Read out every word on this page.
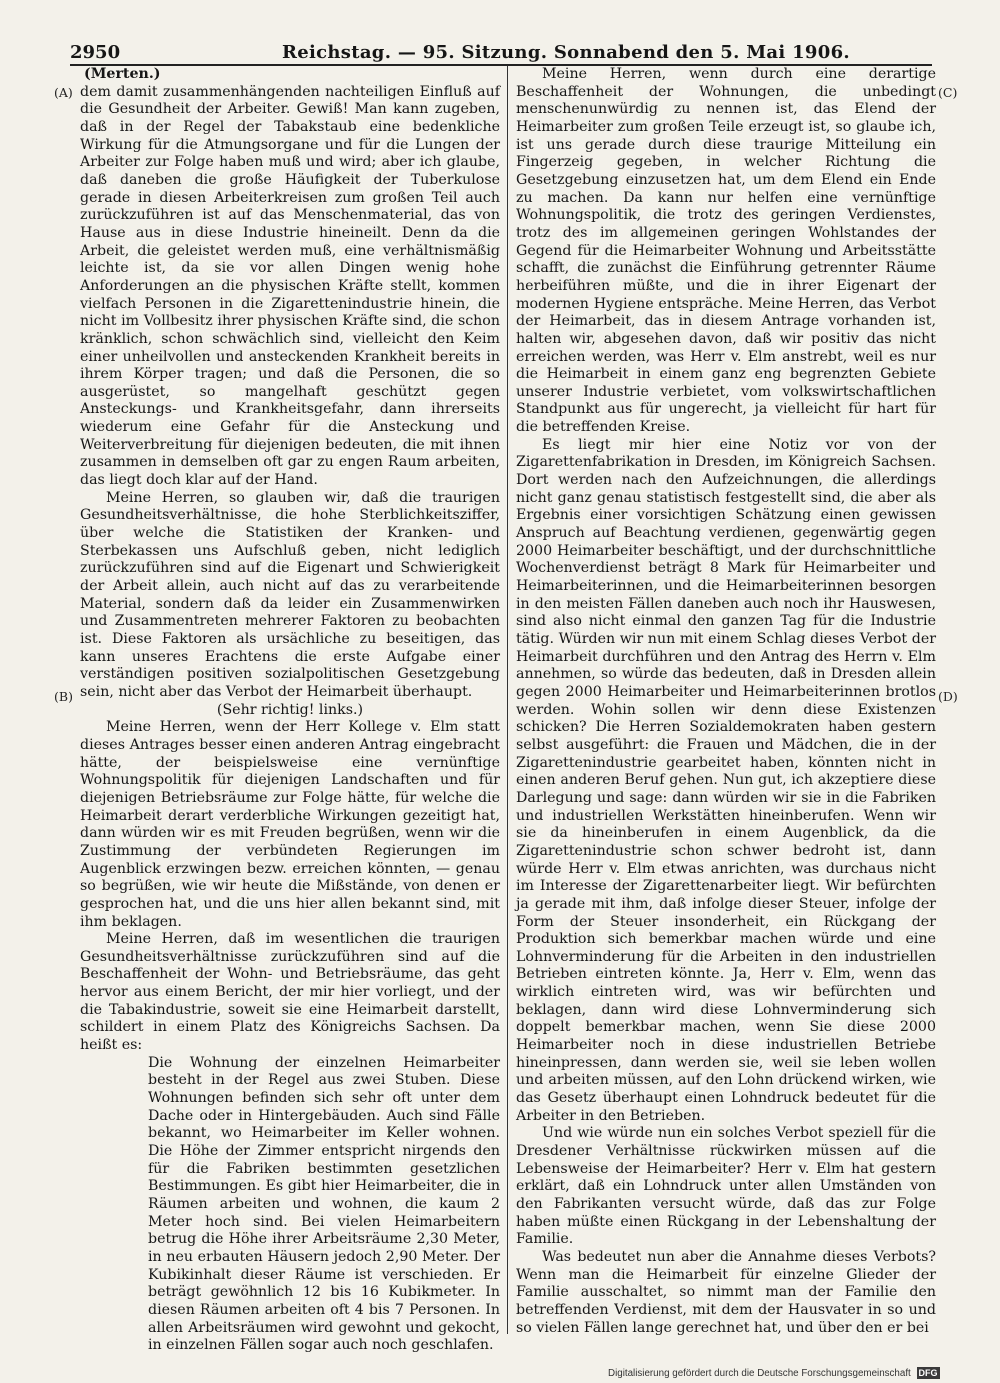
2950	Reichstag. — 95. Sitzung. Sonnabend den 5. Mai 1906.
(A)
(B)
(C)
(D)

(Merten.)

dem damit zusammenhängenden nachteiligen Einfluß auf die Gesundheit der Arbeiter. Gewiß! Man kann zugeben, daß in der Regel der Tabakstaub eine bedenkliche Wirkung für die Atmungsorgane und für die Lungen der Arbeiter zur Folge haben muß und wird; aber ich glaube, daß daneben die große Häufigkeit der Tuberkulose gerade in diesen Arbeiterkreisen zum großen Teil auch zurückzuführen ist auf das Menschenmaterial, das von Hause aus in diese Industrie hineineilt. Denn da die Arbeit, die geleistet werden muß, eine verhältnismäßig leichte ist, da sie vor allen Dingen wenig hohe Anforderungen an die physischen Kräfte stellt, kommen vielfach Personen in die Zigarettenindustrie hinein, die nicht im Vollbesitz ihrer physischen Kräfte sind, die schon kränklich, schon schwächlich sind, vielleicht den Keim einer unheilvollen und ansteckenden Krankheit bereits in ihrem Körper tragen; und daß die Personen, die so ausgerüstet, so mangelhaft geschützt gegen Ansteckungs- und Krankheitsgefahr, dann ihrerseits wiederum eine Gefahr für die Ansteckung und Weiterverbreitung für diejenigen bedeuten, die mit ihnen zusammen in demselben oft gar zu engen Raum arbeiten, das liegt doch klar auf der Hand.

Meine Herren, so glauben wir, daß die traurigen Gesundheitsverhältnisse, die hohe Sterblichkeitsziffer, über welche die Statistiken der Kranken- und Sterbekassen uns Aufschluß geben, nicht lediglich zurückzuführen sind auf die Eigenart und Schwierigkeit der Arbeit allein, auch nicht auf das zu verarbeitende Material, sondern daß da leider ein Zusammenwirken und Zusammentreten mehrerer Faktoren zu beobachten ist. Diese Faktoren als ursächliche zu beseitigen, das kann unseres Erachtens die erste Aufgabe einer verständigen positiven sozialpolitischen Gesetzgebung sein, nicht aber das Verbot der Heimarbeit überhaupt.

(Sehr richtig! links.)

Meine Herren, wenn der Herr Kollege v. Elm statt dieses Antrages besser einen anderen Antrag eingebracht hätte, der beispielsweise eine vernünftige Wohnungspolitik für diejenigen Landschaften und für diejenigen Betriebsräume zur Folge hätte, für welche die Heimarbeit derart verderbliche Wirkungen gezeitigt hat, dann würden wir es mit Freuden begrüßen, wenn wir die Zustimmung der verbündeten Regierungen im Augenblick erzwingen bezw. erreichen könnten, — genau so begrüßen, wie wir heute die Mißstände, von denen er gesprochen hat, und die uns hier allen bekannt sind, mit ihm beklagen.

Meine Herren, daß im wesentlichen die traurigen Gesundheitsverhältnisse zurückzuführen sind auf die Beschaffenheit der Wohn- und Betriebsräume, das geht hervor aus einem Bericht, der mir hier vorliegt, und der die Tabakindustrie, soweit sie eine Heimarbeit darstellt, schildert in einem Platz des Königreichs Sachsen. Da heißt es:

Die Wohnung der einzelnen Heimarbeiter besteht in der Regel aus zwei Stuben. Diese Wohnungen befinden sich sehr oft unter dem Dache oder in Hintergebäuden. Auch sind Fälle bekannt, wo Heimarbeiter im Keller wohnen. Die Höhe der Zimmer entspricht nirgends den für die Fabriken bestimmten gesetzlichen Bestimmungen. Es gibt hier Heimarbeiter, die in Räumen arbeiten und wohnen, die kaum 2 Meter hoch sind. Bei vielen Heimarbeitern betrug die Höhe ihrer Arbeitsräume 2,30 Meter, in neu erbauten Häusern jedoch 2,90 Meter. Der Kubikinhalt dieser Räume ist verschieden. Er beträgt gewöhnlich 12 bis 16 Kubikmeter. In diesen Räumen arbeiten oft 4 bis 7 Personen. In allen Arbeitsräumen wird gewohnt und gekocht, in einzelnen Fällen sogar auch noch geschlafen.

Meine Herren, wenn durch eine derartige Beschaffenheit der Wohnungen, die unbedingt menschenunwürdig zu nennen ist, das Elend der Heimarbeiter zum großen Teile erzeugt ist, so glaube ich, ist uns gerade durch diese traurige Mitteilung ein Fingerzeig gegeben, in welcher Richtung die Gesetzgebung einzusetzen hat, um dem Elend ein Ende zu machen. Da kann nur helfen eine vernünftige Wohnungspolitik, die trotz des geringen Verdienstes, trotz des im allgemeinen geringen Wohlstandes der Gegend für die Heimarbeiter Wohnung und Arbeitsstätte schafft, die zunächst die Einführung getrennter Räume herbeiführen müßte, und die in ihrer Eigenart der modernen Hygiene entspräche. Meine Herren, das Verbot der Heimarbeit, das in diesem Antrage vorhanden ist, halten wir, abgesehen davon, daß wir positiv das nicht erreichen werden, was Herr v. Elm anstrebt, weil es nur die Heimarbeit in einem ganz eng begrenzten Gebiete unserer Industrie verbietet, vom volkswirtschaftlichen Standpunkt aus für ungerecht, ja vielleicht für hart für die betreffenden Kreise.

Es liegt mir hier eine Notiz vor von der Zigarettenfabrikation in Dresden, im Königreich Sachsen. Dort werden nach den Aufzeichnungen, die allerdings nicht ganz genau statistisch festgestellt sind, die aber als Ergebnis einer vorsichtigen Schätzung einen gewissen Anspruch auf Beachtung verdienen, gegenwärtig gegen 2000 Heimarbeiter beschäftigt, und der durchschnittliche Wochenverdienst beträgt 8 Mark für Heimarbeiter und Heimarbeiterinnen, und die Heimarbeiterinnen besorgen in den meisten Fällen daneben auch noch ihr Hauswesen, sind also nicht einmal den ganzen Tag für die Industrie tätig. Würden wir nun mit einem Schlag dieses Verbot der Heimarbeit durchführen und den Antrag des Herrn v. Elm annehmen, so würde das bedeuten, daß in Dresden allein gegen 2000 Heimarbeiter und Heimarbeiterinnen brotlos werden. Wohin sollen wir denn diese Existenzen schicken? Die Herren Sozialdemokraten haben gestern selbst ausgeführt: die Frauen und Mädchen, die in der Zigarettenindustrie gearbeitet haben, könnten nicht in einen anderen Beruf gehen. Nun gut, ich akzeptiere diese Darlegung und sage: dann würden wir sie in die Fabriken und industriellen Werkstätten hineinberufen. Wenn wir sie da hineinberufen in einem Augenblick, da die Zigarettenindustrie schon schwer bedroht ist, dann würde Herr v. Elm etwas anrichten, was durchaus nicht im Interesse der Zigarettenarbeiter liegt. Wir befürchten ja gerade mit ihm, daß infolge dieser Steuer, infolge der Form der Steuer insonderheit, ein Rückgang der Produktion sich bemerkbar machen würde und eine Lohnverminderung für die Arbeiten in den industriellen Betrieben eintreten könnte. Ja, Herr v. Elm, wenn das wirklich eintreten wird, was wir befürchten und beklagen, dann wird diese Lohnverminderung sich doppelt bemerkbar machen, wenn Sie diese 2000 Heimarbeiter noch in diese industriellen Betriebe hineinpressen, dann werden sie, weil sie leben wollen und arbeiten müssen, auf den Lohn drückend wirken, wie das Gesetz überhaupt einen Lohndruck bedeutet für die Arbeiter in den Betrieben.

Und wie würde nun ein solches Verbot speziell für die Dresdener Verhältnisse rückwirken müssen auf die Lebensweise der Heimarbeiter? Herr v. Elm hat gestern erklärt, daß ein Lohndruck unter allen Umständen von den Fabrikanten versucht würde, daß das zur Folge haben müßte einen Rückgang in der Lebenshaltung der Familie.

Was bedeutet nun aber die Annahme dieses Verbots? Wenn man die Heimarbeit für einzelne Glieder der Familie ausschaltet, so nimmt man der Familie den betreffenden Verdienst, mit dem der Hausvater in so und so vielen Fällen lange gerechnet hat, und über den er bei

Digitalisierung gefördert durch die Deutsche Forschungsgemeinschaft DFG
